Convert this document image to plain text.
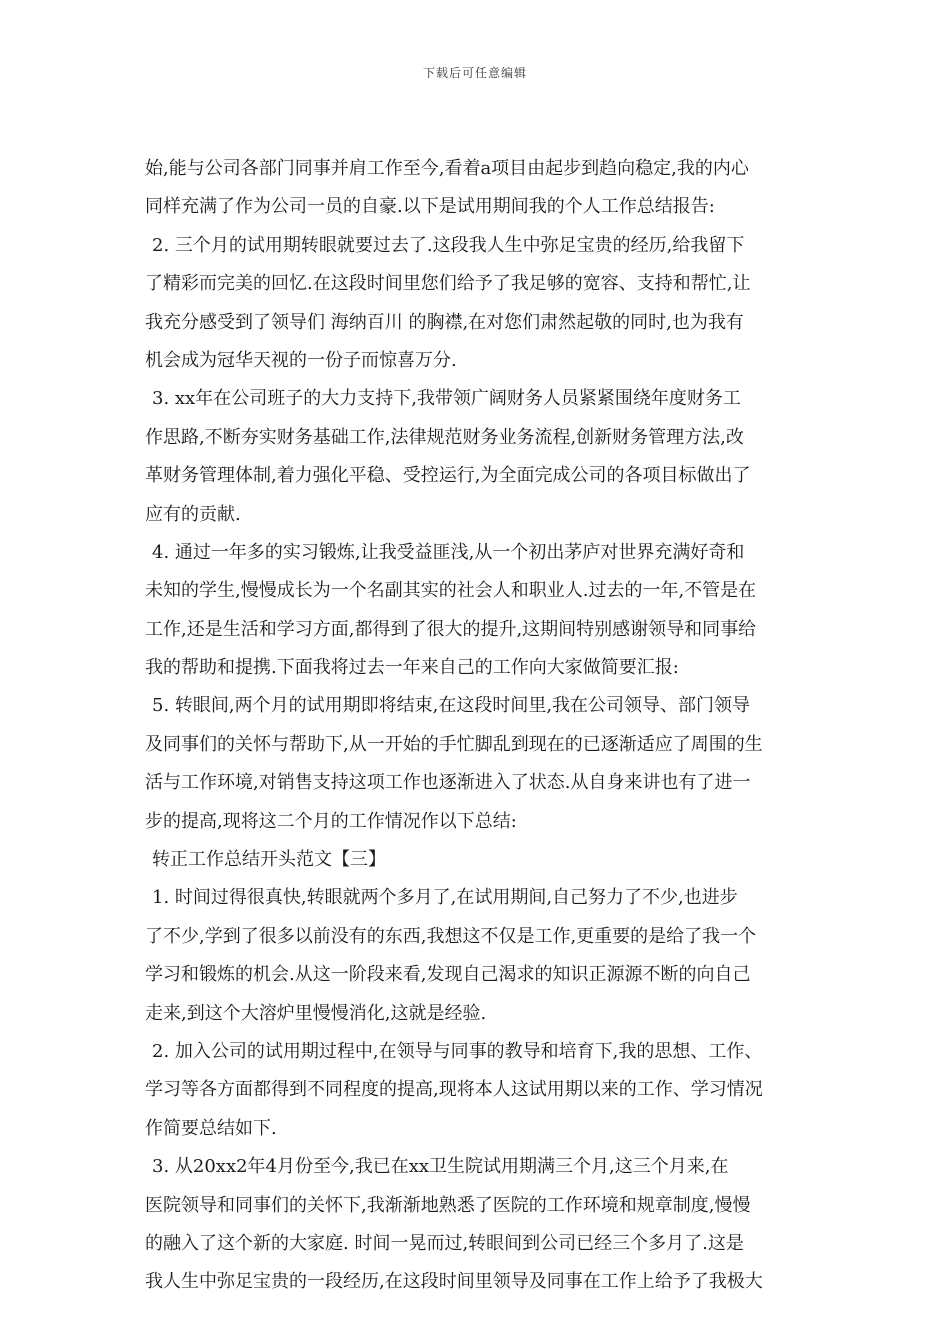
下载后可任意编辑
始,能与公司各部门同事并肩工作至今,看着a项目由起步到趋向稳定,我的内心
同样充满了作为公司一员的自豪.以下是试用期间我的个人工作总结报告:
2. 三个月的试用期转眼就要过去了.这段我人生中弥足宝贵的经历,给我留下
了精彩而完美的回忆.在这段时间里您们给予了我足够的宽容、支持和帮忙,让
我充分感受到了领导们 海纳百川 的胸襟,在对您们肃然起敬的同时,也为我有
机会成为冠华天视的一份子而惊喜万分.
3. xx年在公司班子的大力支持下,我带领广阔财务人员紧紧围绕年度财务工
作思路,不断夯实财务基础工作,法律规范财务业务流程,创新财务管理方法,改
革财务管理体制,着力强化平稳、受控运行,为全面完成公司的各项目标做出了
应有的贡献.
4. 通过一年多的实习锻炼,让我受益匪浅,从一个初出茅庐对世界充满好奇和
未知的学生,慢慢成长为一个名副其实的社会人和职业人.过去的一年,不管是在
工作,还是生活和学习方面,都得到了很大的提升,这期间特别感谢领导和同事给
我的帮助和提携.下面我将过去一年来自己的工作向大家做简要汇报:
5. 转眼间,两个月的试用期即将结束,在这段时间里,我在公司领导、部门领导
及同事们的关怀与帮助下,从一开始的手忙脚乱到现在的已逐渐适应了周围的生
活与工作环境,对销售支持这项工作也逐渐进入了状态.从自身来讲也有了进一
步的提高,现将这二个月的工作情况作以下总结:
转正工作总结开头范文【三】
1. 时间过得很真快,转眼就两个多月了,在试用期间,自己努力了不少,也进步
了不少,学到了很多以前没有的东西,我想这不仅是工作,更重要的是给了我一个
学习和锻炼的机会.从这一阶段来看,发现自己渴求的知识正源源不断的向自己
走来,到这个大溶炉里慢慢消化,这就是经验.
2. 加入公司的试用期过程中,在领导与同事的教导和培育下,我的思想、工作、
学习等各方面都得到不同程度的提高,现将本人这试用期以来的工作、学习情况
作简要总结如下.
3. 从20xx2年4月份至今,我已在xx卫生院试用期满三个月,这三个月来,在
医院领导和同事们的关怀下,我渐渐地熟悉了医院的工作环境和规章制度,慢慢
的融入了这个新的大家庭. 时间一晃而过,转眼间到公司已经三个多月了.这是
我人生中弥足宝贵的一段经历,在这段时间里领导及同事在工作上给予了我极大
